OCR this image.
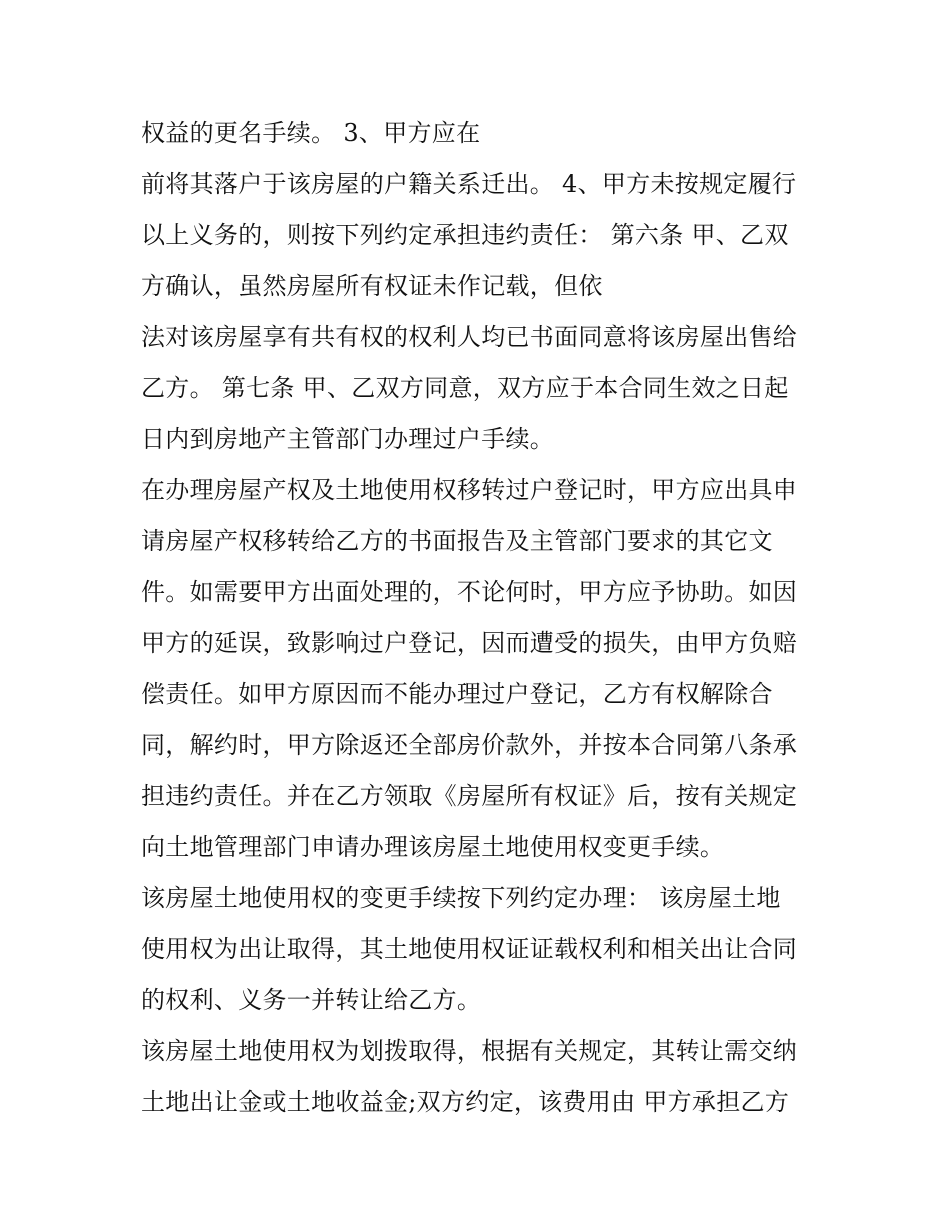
权益的更名手续。 3、甲方应在
前将其落户于该房屋的户籍关系迁出。 4、甲方未按规定履行
以上义务的，则按下列约定承担违约责任： 第六条 甲、乙双
方确认，虽然房屋所有权证未作记载，但依
法对该房屋享有共有权的权利人均已书面同意将该房屋出售给
乙方。 第七条 甲、乙双方同意，双方应于本合同生效之日起
日内到房地产主管部门办理过户手续。
在办理房屋产权及土地使用权移转过户登记时，甲方应出具申
请房屋产权移转给乙方的书面报告及主管部门要求的其它文
件。如需要甲方出面处理的，不论何时，甲方应予协助。如因
甲方的延误，致影响过户登记，因而遭受的损失，由甲方负赔
偿责任。如甲方原因而不能办理过户登记，乙方有权解除合
同，解约时，甲方除返还全部房价款外，并按本合同第八条承
担违约责任。并在乙方领取《房屋所有权证》后，按有关规定
向土地管理部门申请办理该房屋土地使用权变更手续。
该房屋土地使用权的变更手续按下列约定办理： 该房屋土地
使用权为出让取得，其土地使用权证证载权利和相关出让合同
的权利、义务一并转让给乙方。
该房屋土地使用权为划拨取得，根据有关规定，其转让需交纳
土地出让金或土地收益金;双方约定，该费用由 甲方承担乙方
